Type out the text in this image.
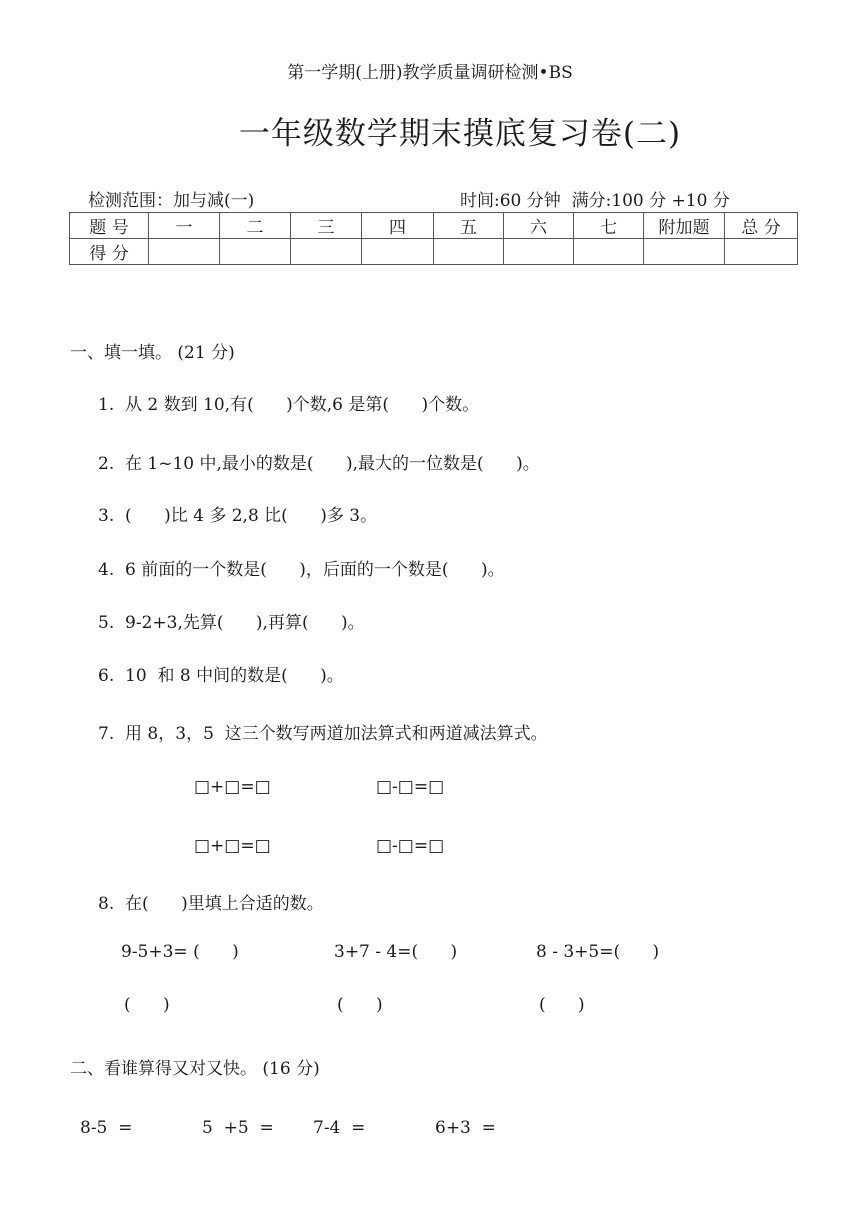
第一学期(上册)教学质量调研检测•BS
一年级数学期末摸底复习卷(二)
检测范围：加与减(一)	时间:60 分钟  满分:100 分 +10 分
题 号	一	二	三	四	五	六	七	附加题	总 分
得 分									
一、填一填。 (21 分)
1.  从 2 数到 10,有(      )个数,6 是第(      )个数。
2.  在 1~10 中,最小的数是(      ),最大的一位数是(      )。
3.  (      )比 4 多 2,8 比(      )多 3。
4.  6 前面的一个数是(      )，后面的一个数是(      )。
5.  9-2+3,先算(      ),再算(      )。
6.  10  和 8 中间的数是(      )。
7.  用 8，3，5  这三个数写两道加法算式和两道减法算式。
□+□=□	□-□=□
□+□=□	□-□=□
8.  在(      )里填上合适的数。
9-5+3= (      )	3+7 - 4=(      )	8 - 3+5=(      )
(      )	(      )	(      )
二、看谁算得又对又快。 (16 分)
8-5  =	5  +5  = 7-4  =	6+3  =
